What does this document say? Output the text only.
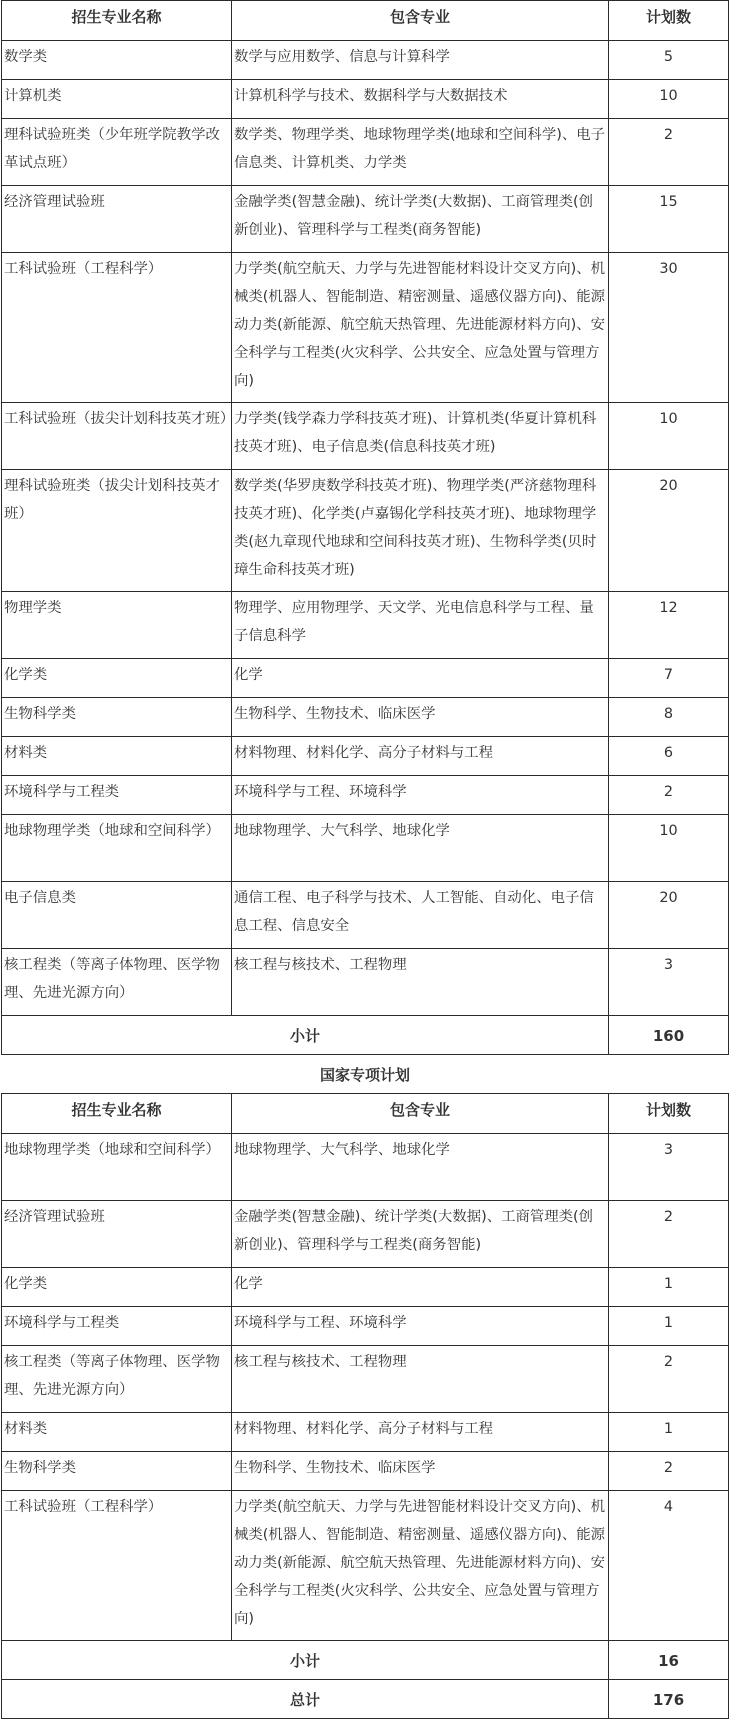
招生专业名称	包含专业	计划数
数学类	数学与应用数学、信息与计算科学	5
计算机类	计算机科学与技术、数据科学与大数据技术	10
理科试验班类（少年班学院教学改革试点班）	数学类、物理学类、地球物理学类(地球和空间科学)、电子信息类、计算机类、力学类	2
经济管理试验班	金融学类(智慧金融)、统计学类(大数据)、工商管理类(创新创业)、管理科学与工程类(商务智能)	15
工科试验班（工程科学）	力学类(航空航天、力学与先进智能材料设计交叉方向)、机械类(机器人、智能制造、精密测量、遥感仪器方向)、能源动力类(新能源、航空航天热管理、先进能源材料方向)、安全科学与工程类(火灾科学、公共安全、应急处置与管理方向)	30
工科试验班（拔尖计划科技英才班）	力学类(钱学森力学科技英才班)、计算机类(华夏计算机科技英才班)、电子信息类(信息科技英才班)	10
理科试验班类（拔尖计划科技英才班）	数学类(华罗庚数学科技英才班)、物理学类(严济慈物理科技英才班)、化学类(卢嘉锡化学科技英才班)、地球物理学类(赵九章现代地球和空间科技英才班)、生物科学类(贝时璋生命科技英才班)	20
物理学类	物理学、应用物理学、天文学、光电信息科学与工程、量子信息科学	12
化学类	化学	7
生物科学类	生物科学、生物技术、临床医学	8
材料类	材料物理、材料化学、高分子材料与工程	6
环境科学与工程类	环境科学与工程、环境科学	2
地球物理学类（地球和空间科学）	地球物理学、大气科学、地球化学	10
电子信息类	通信工程、电子科学与技术、人工智能、自动化、电子信息工程、信息安全	20
核工程类（等离子体物理、医学物理、先进光源方向）	核工程与核技术、工程物理	3
小计		160
国家专项计划		
招生专业名称	包含专业	计划数
地球物理学类（地球和空间科学）	地球物理学、大气科学、地球化学	3
经济管理试验班	金融学类(智慧金融)、统计学类(大数据)、工商管理类(创新创业)、管理科学与工程类(商务智能)	2
化学类	化学	1
环境科学与工程类	环境科学与工程、环境科学	1
核工程类（等离子体物理、医学物理、先进光源方向）	核工程与核技术、工程物理	2
材料类	材料物理、材料化学、高分子材料与工程	1
生物科学类	生物科学、生物技术、临床医学	2
工科试验班（工程科学）	力学类(航空航天、力学与先进智能材料设计交叉方向)、机械类(机器人、智能制造、精密测量、遥感仪器方向)、能源动力类(新能源、航空航天热管理、先进能源材料方向)、安全科学与工程类(火灾科学、公共安全、应急处置与管理方向)	4
小计		16
总计		176
